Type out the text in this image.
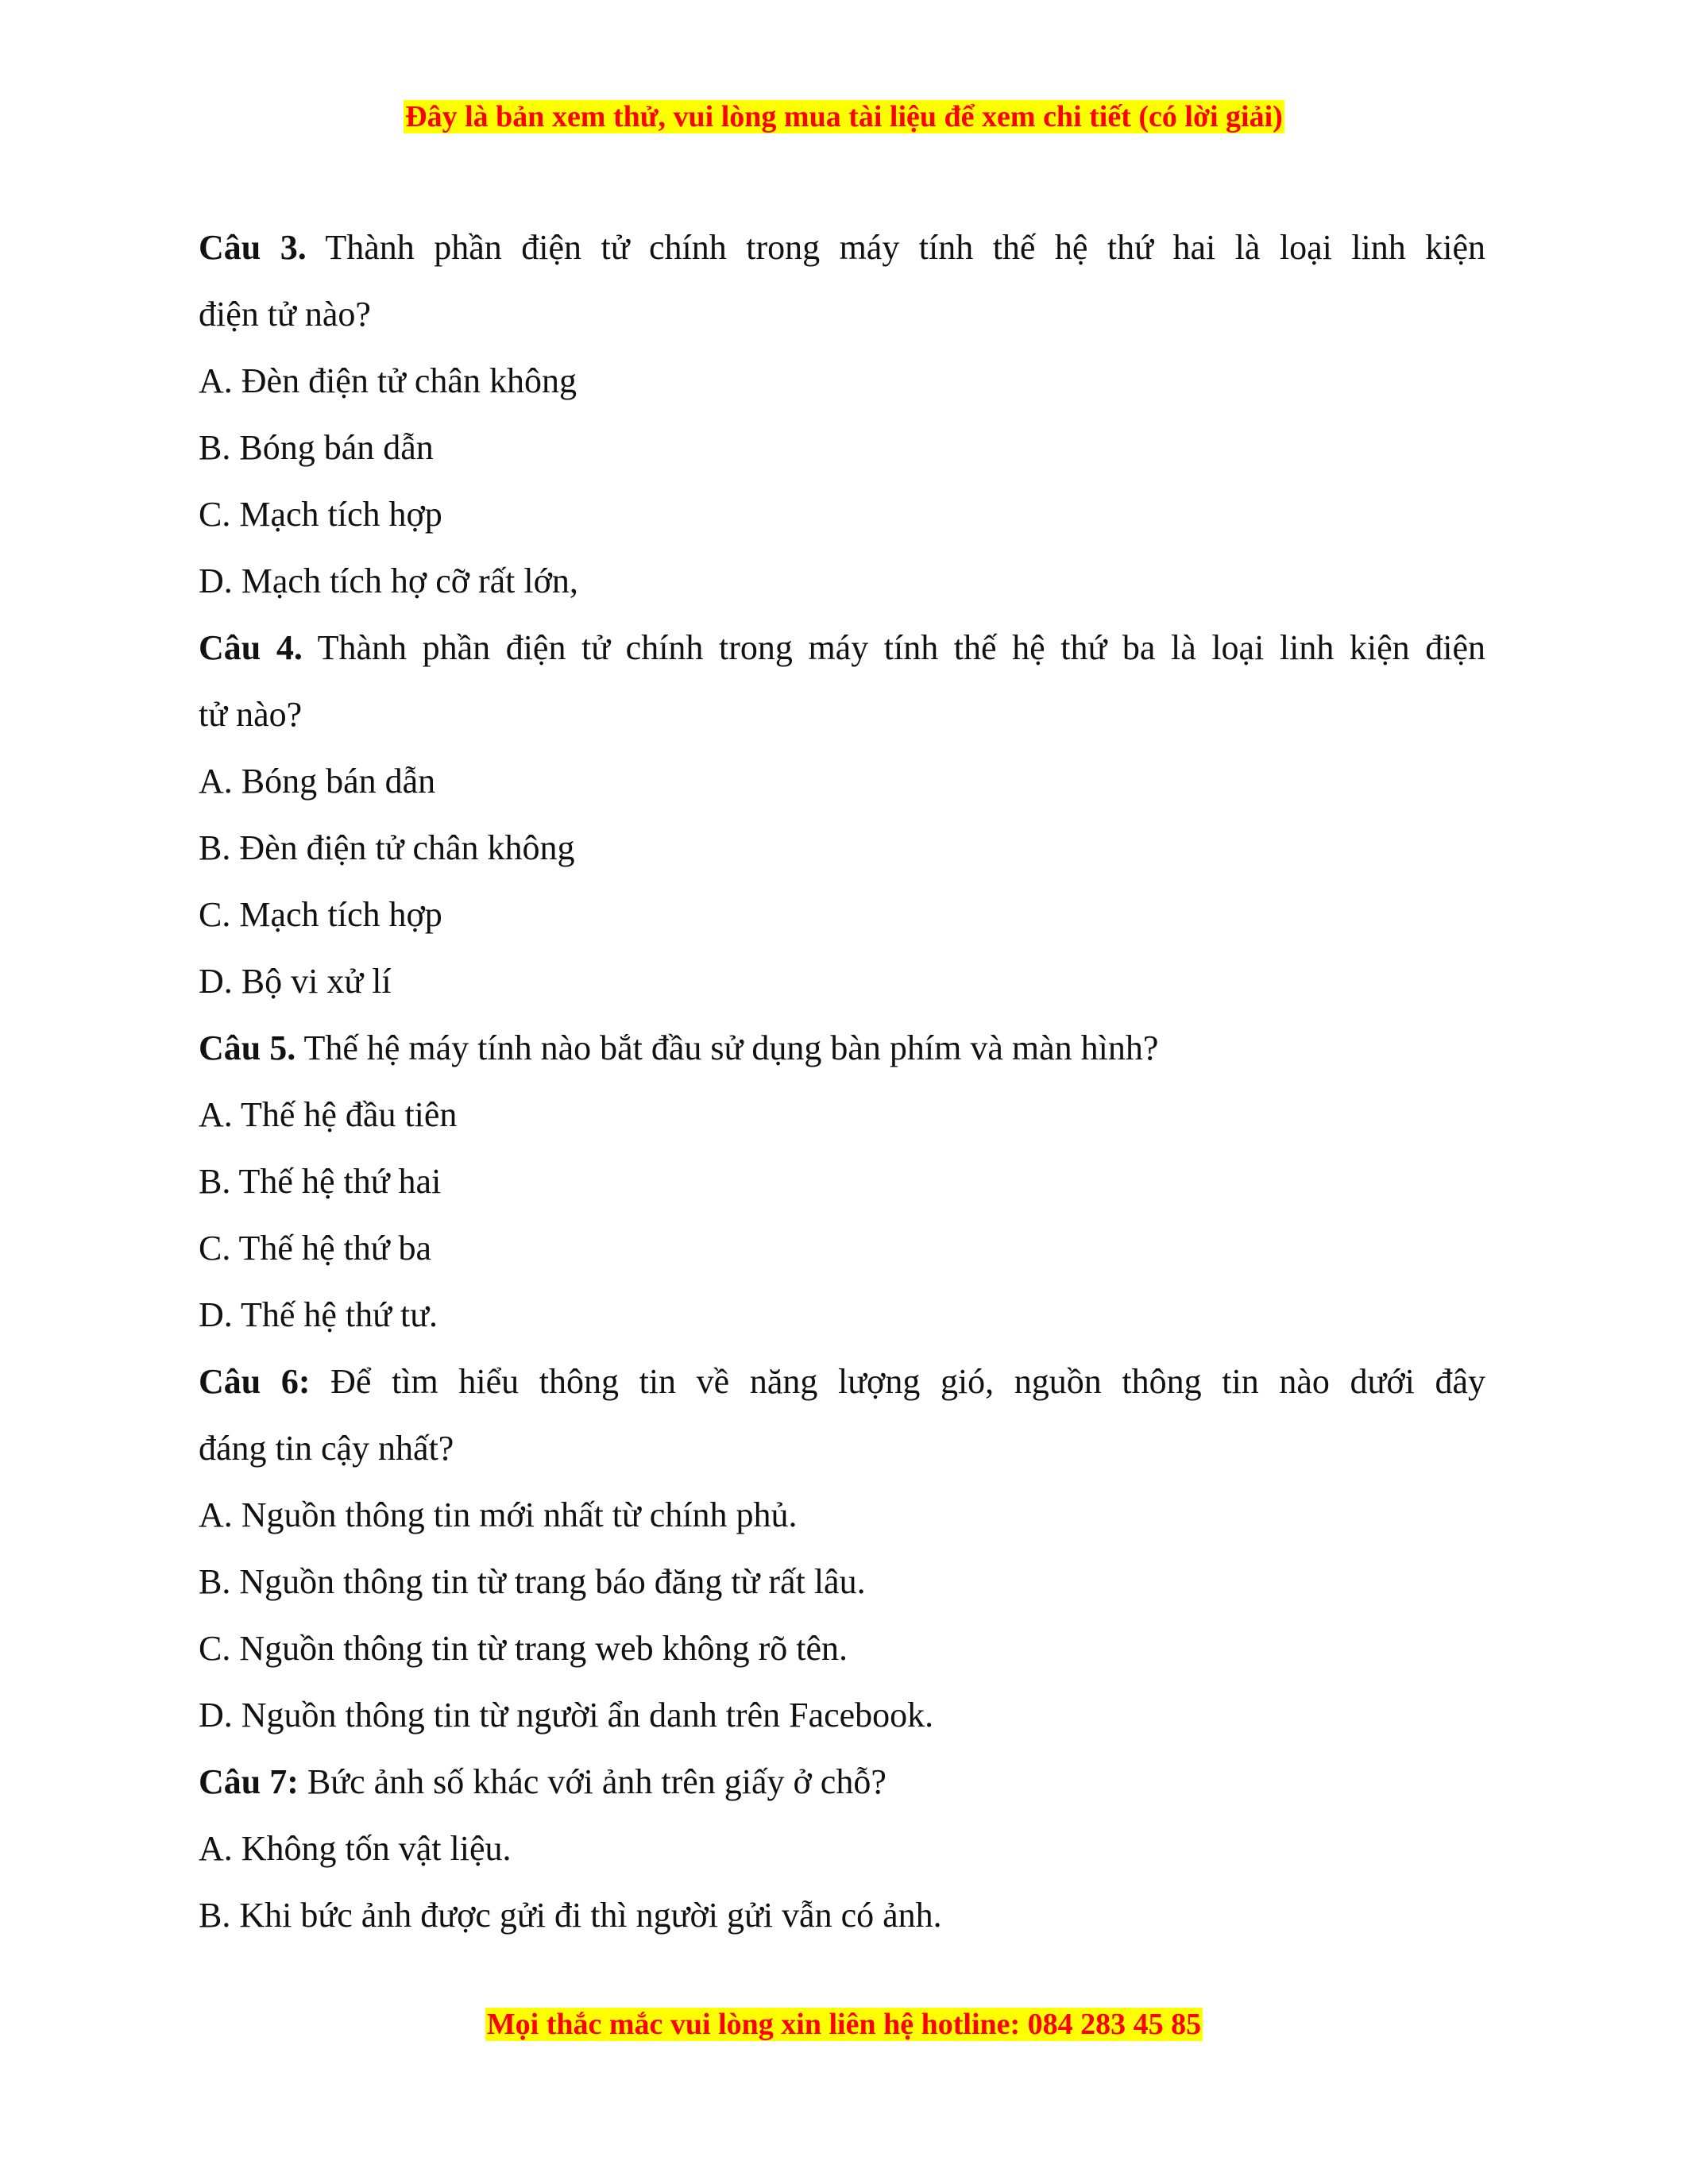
Đây là bản xem thử, vui lòng mua tài liệu để xem chi tiết (có lời giải)
Câu 3. Thành phần điện tử chính trong máy tính thế hệ thứ hai là loại linh kiện
điện tử nào?
A. Đèn điện tử chân không
B. Bóng bán dẫn
C. Mạch tích hợp
D. Mạch tích hợ cỡ rất lớn,
Câu 4. Thành phần điện tử chính trong máy tính thế hệ thứ ba là loại linh kiện điện
tử nào?
A. Bóng bán dẫn
B. Đèn điện tử chân không
C. Mạch tích hợp
D. Bộ vi xử lí
Câu 5. Thế hệ máy tính nào bắt đầu sử dụng bàn phím và màn hình?
A. Thế hệ đầu tiên
B. Thế hệ thứ hai
C. Thế hệ thứ ba
D. Thế hệ thứ tư.
Câu 6: Để tìm hiểu thông tin về năng lượng gió, nguồn thông tin nào dưới đây
đáng tin cậy nhất?
A. Nguồn thông tin mới nhất từ chính phủ.
B. Nguồn thông tin từ trang báo đăng từ rất lâu.
C. Nguồn thông tin từ trang web không rõ tên.
D. Nguồn thông tin từ người ẩn danh trên Facebook.
Câu 7: Bức ảnh số khác với ảnh trên giấy ở chỗ?
A. Không tốn vật liệu.
B. Khi bức ảnh được gửi đi thì người gửi vẫn có ảnh.
Mọi thắc mắc vui lòng xin liên hệ hotline: 084 283 45 85
